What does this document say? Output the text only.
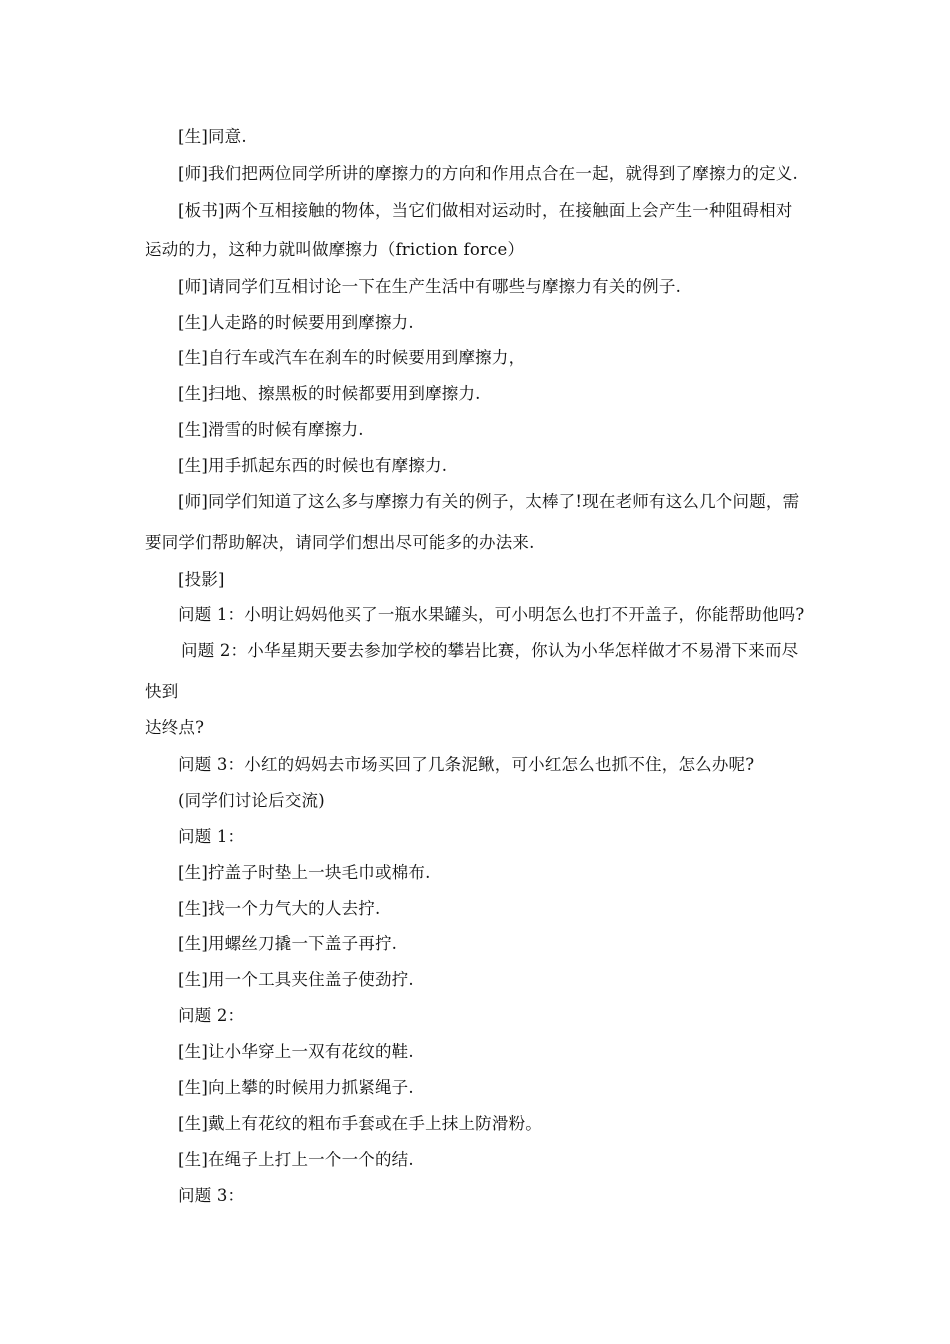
[生]同意.
[师]我们把两位同学所讲的摩擦力的方向和作用点合在一起，就得到了摩擦力的定义.
[板书]两个互相接触的物体，当它们做相对运动时，在接触面上会产生一种阻碍相对
运动的力，这种力就叫做摩擦力（friction force）
[师]请同学们互相讨论一下在生产生活中有哪些与摩擦力有关的例子.
[生]人走路的时候要用到摩擦力.
[生]自行车或汽车在刹车的时候要用到摩擦力，
[生]扫地、擦黑板的时候都要用到摩擦力.
[生]滑雪的时候有摩擦力.
[生]用手抓起东西的时候也有摩擦力.
[师]同学们知道了这么多与摩擦力有关的例子，太棒了!现在老师有这么几个问题，需
要同学们帮助解决，请同学们想出尽可能多的办法来.
[投影]
问题 1：小明让妈妈他买了一瓶水果罐头，可小明怎么也打不开盖子，你能帮助他吗?
问题 2：小华星期天要去参加学校的攀岩比赛，你认为小华怎样做才不易滑下来而尽
快到
达终点?
问题 3：小红的妈妈去市场买回了几条泥鳅，可小红怎么也抓不住，怎么办呢?
(同学们讨论后交流)
问题 1：
[生]拧盖子时垫上一块毛巾或棉布.
[生]找一个力气大的人去拧.
[生]用螺丝刀撬一下盖子再拧.
[生]用一个工具夹住盖子使劲拧.
问题 2：
[生]让小华穿上一双有花纹的鞋.
[生]向上攀的时候用力抓紧绳子.
[生]戴上有花纹的粗布手套或在手上抹上防滑粉。
[生]在绳子上打上一个一个的结.
问题 3：
